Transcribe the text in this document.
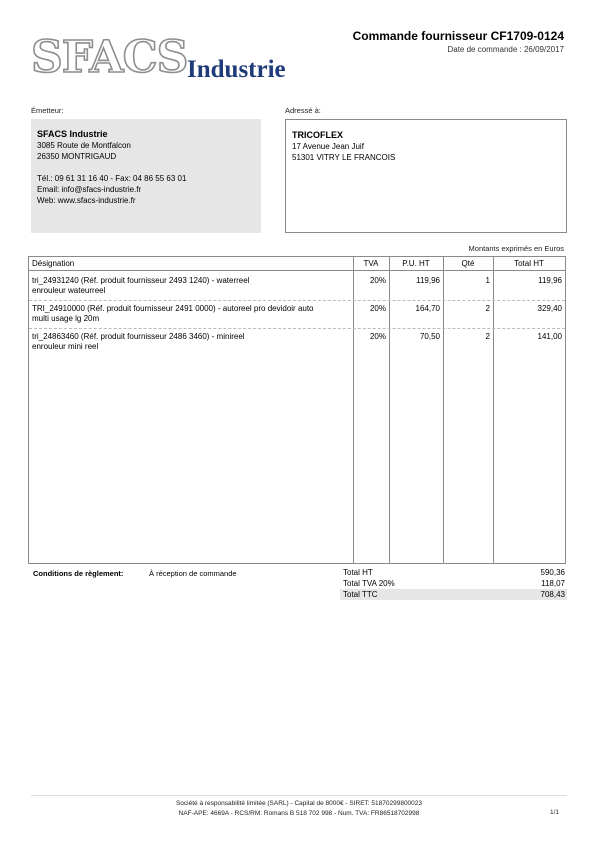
SFACS Industrie
Commande fournisseur CF1709-0124
Date de commande : 26/09/2017
Émetteur:
SFACS Industrie
3085 Route de Montfalcon
26350 MONTRIGAUD
Tél.: 09 61 31 16 40 - Fax: 04 86 55 63 01
Email: info@sfacs-industrie.fr
Web: www.sfacs-industrie.fr
Adressé à:
TRICOFLEX
17 Avenue Jean Juif
51301 VITRY LE FRANCOIS
Montants exprimés en Euros
Désignation	TVA	P.U. HT	Qté	Total HT
tri_24931240 (Réf. produit fournisseur 2493 1240) - waterreel
enrouleur wateurreel
20%	119,96	1	119,96
TRI_24910000 (Réf. produit fournisseur 2491 0000) - autoreel pro devidoir auto
multi usage lg 20m
20%	164,70	2	329,40
tri_24863460 (Réf. produit fournisseur 2486 3460) - minireel
enrouleur mini reel
20%	70,50	2	141,00
Conditions de règlement:	À réception de commande	Total HT	590,36
Total TVA 20%	118,07
Total TTC	708,43
Société à responsabilité limitée (SARL) - Capital de 8000€ - SIRET: 51870299800023
NAF-APE: 4669A - RCS/RM: Romans B 518 702 998 - Num. TVA: FR86518702998	1/1
